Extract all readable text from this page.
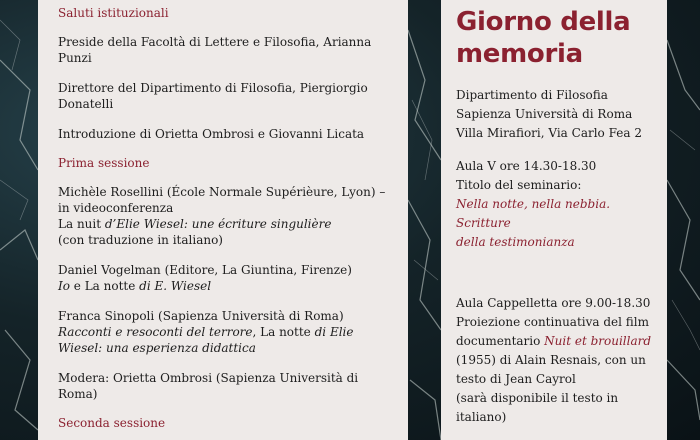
Saluti istituzionali
Preside della Facoltà di Lettere e Filosofia, Arianna Punzi
Direttore del Dipartimento di Filosofia, Piergiorgio Donatelli
Introduzione di Orietta Ombrosi e Giovanni Licata
Prima sessione
Michèle Rosellini (École Normale Supérièure, Lyon) – in videoconferenza
La nuit d’Elie Wiesel: une écriture singulière
(con traduzione in italiano)
Daniel Vogelman (Editore, La Giuntina, Firenze)
Io e La notte di E. Wiesel
Franca Sinopoli (Sapienza Università di Roma)
Racconti e resoconti del terrore, La notte di Elie Wiesel: una esperienza didattica
Modera: Orietta Ombrosi (Sapienza Università di Roma)
Seconda sessione
Giorno della
memoria
Dipartimento di Filosofia
Sapienza Università di Roma
Villa Mirafiori, Via Carlo Fea 2
Aula V ore 14.30-18.30
Titolo del seminario:
Nella notte, nella nebbia. Scritture
della testimonianza
Aula Cappelletta ore 9.00-18.30
Proiezione continuativa del film
documentario Nuit et brouillard
(1955) di Alain Resnais, con un
testo di Jean Cayrol
(sarà disponibile il testo in
italiano)
